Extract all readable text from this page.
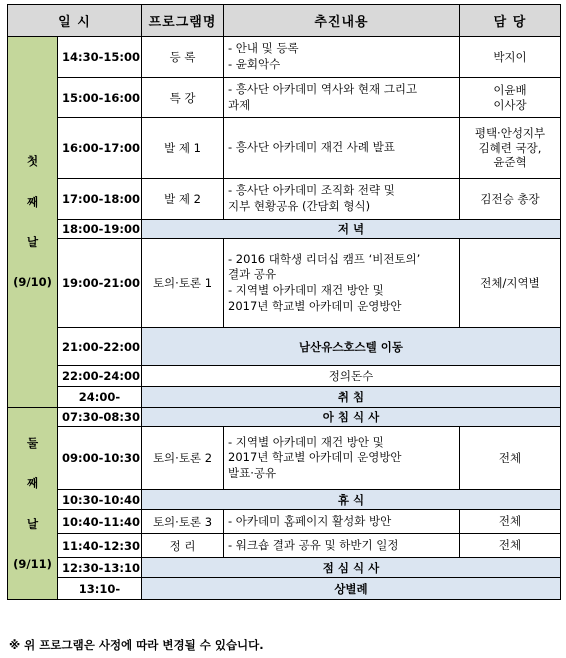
일 시		프로그램명	추진내용	담 당

첫
째
날
(9/10)	14:30-15:00	등 록	- 안내 및 등록
- 윤회악수	박지이

	15:00-16:00	특 강	- 흥사단 아카데미 역사와 현재 그리고
과제	이윤배
이사장

	16:00-17:00	발 제 1	- 흥사단 아카데미 재건 사례 발표	평택·안성지부
김혜련 국장,
윤준혁

	17:00-18:00	발 제 2	- 흥사단 아카데미 조직화 전략 및
지부 현황공유 (간담회 형식)	김전승 총장

	18:00-19:00	저 녁		
	19:00-21:00	토의·토론 1	- 2016 대학생 리더십 캠프 ‘비전토의’
결과 공유
- 지역별 아카데미 재건 방안 및
2017년 학교별 아카데미 운영방안	전체/지역별

	21:00-22:00	남산유스호스텔 이동		
	22:00-24:00	정의돈수		
	24:00-	취 침		

둘
째
날
(9/11)	07:30-08:30	아 침 식 사		
	09:00-10:30	토의·토론 2	- 지역별 아카데미 재건 방안 및
2017년 학교별 아카데미 운영방안
발표·공유	전체

	10:30-10:40	휴 식		
	10:40-11:40	토의·토론 3	- 아카데미 홈페이지 활성화 방안	전체

	11:40-12:30	정 리	- 워크숍 결과 공유 및 하반기 일정	전체

	12:30-13:10	점 심 식 사		
	13:10-	상별례		
※ 위 프로그램은 사정에 따라 변경될 수 있습니다.
